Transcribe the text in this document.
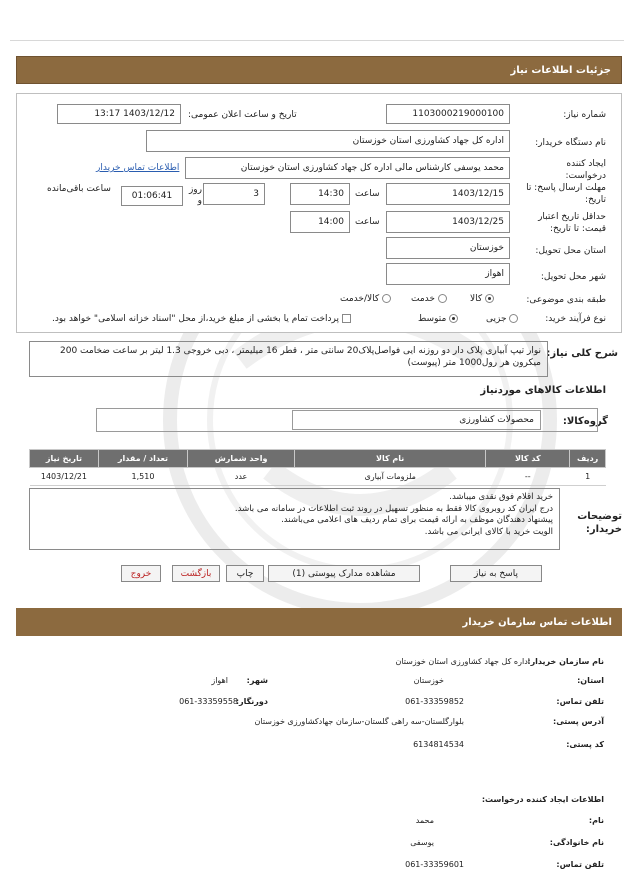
جزئیات اطلاعات نیاز
شماره نیاز:
1103000219000100
تاریخ و ساعت اعلان عمومی:
1403/12/12 13:17
نام دستگاه خریدار:
اداره کل جهاد کشاورزی استان خوزستان
ایجاد کننده درخواست:
محمد یوسفی کارشناس مالی اداره کل جهاد کشاورزی استان خوزستان
اطلاعات تماس خریدار
مهلت ارسال پاسخ: تا تاریخ:
1403/12/15
ساعت
14:30
3
روز و
01:06:41
ساعت باقی‌مانده
حداقل تاریخ اعتبار قیمت: تا تاریخ:
1403/12/25
ساعت
14:00
استان محل تحویل:
خوزستان
شهر محل تحویل:
اهواز
طبقه بندی موضوعی:
کالا
خدمت
کالا/خدمت
نوع فرآیند خرید:
جزیی
متوسط
پرداخت تمام یا بخشی از مبلغ خرید،از محل "اسناد خزانه اسلامی" خواهد بود.
شرح کلی نیاز:
نوار تیپ آبیاری پلاک دار دو روزنه ایی فواصل‌پلاک‌20 سانتی متر ، قطر 16 میلیمتر ، دبی خروجی 1.3 لیتر بر ساعت ضخامت 200 میکرون هر رول1000 متر (پیوست)
اطلاعات کالاهای موردنیاز
گروه‌کالا:
محصولات کشاورزی
ردیف	کد کالا	نام کالا	واحد شمارش	تعداد / مقدار	تاریخ نیاز
1	--	ملزومات آبیاری	عدد	1,510	1403/12/21
توضیحات خریدار:
خرید اقلام فوق نقدی میباشد.
درج ایران کد روبروی کالا فقط به منظور تسهیل در روند ثبت اطلاعات در سامانه می باشد.
پیشنهاد دهندگان موظف به ارائه قیمت برای تمام ردیف های اعلامی می‌باشند.
الویت خرید با کالای ایرانی می باشد.
پاسخ به نیاز
مشاهده مدارک پیوستی (1)
چاپ
بازگشت
خروج
اطلاعات تماس سازمان خریدار
نام سازمان خریدار:
اداره کل جهاد کشاورزی استان خوزستان
استان:
خوزستان
شهر:
اهواز
تلفن تماس:
061-33359852
دورنگار:
061-33359558
آدرس پستی:
بلوارگلستان-سه راهی گلستان-سازمان جهادکشاورزی خوزستان
کد پستی:
6134814534
اطلاعات ایجاد کننده درخواست:
نام:
محمد
نام خانوادگی:
یوسفی
تلفن تماس:
061-33359601
